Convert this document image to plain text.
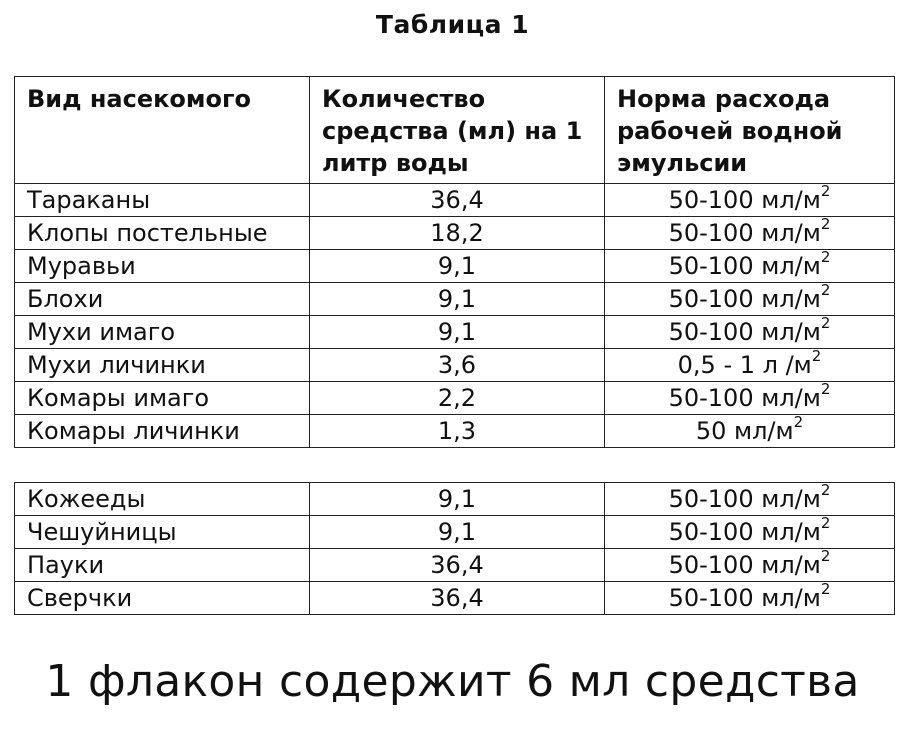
Таблица 1
Вид насекомого	Количество средства (мл) на 1 литр воды	Норма расхода рабочей водной эмульсии
Тараканы	36,4	50-100 $мл/м^2$
Клопы постельные	18,2	50-100 $мл/м^2$
Муравьи	9,1	50-100 $мл/м^2$
Блохи	9,1	50-100 $мл/м^2$
Мухи имаго	9,1	50-100 $мл/м^2$
Мухи личинки	3,6	0,5 - 1 л $/м^2$
Комары имаго	2,2	50-100 $мл/м^2$
Комары личинки	1,3	50 $мл/м^2$
Кожееды	9,1	50-100 $мл/м^2$
Чешуйницы	9,1	50-100 $мл/м^2$
Пауки	36,4	50-100 $мл/м^2$
Сверчки	36,4	50-100 $мл/м^2$
1 флакон содержит 6 мл средства
